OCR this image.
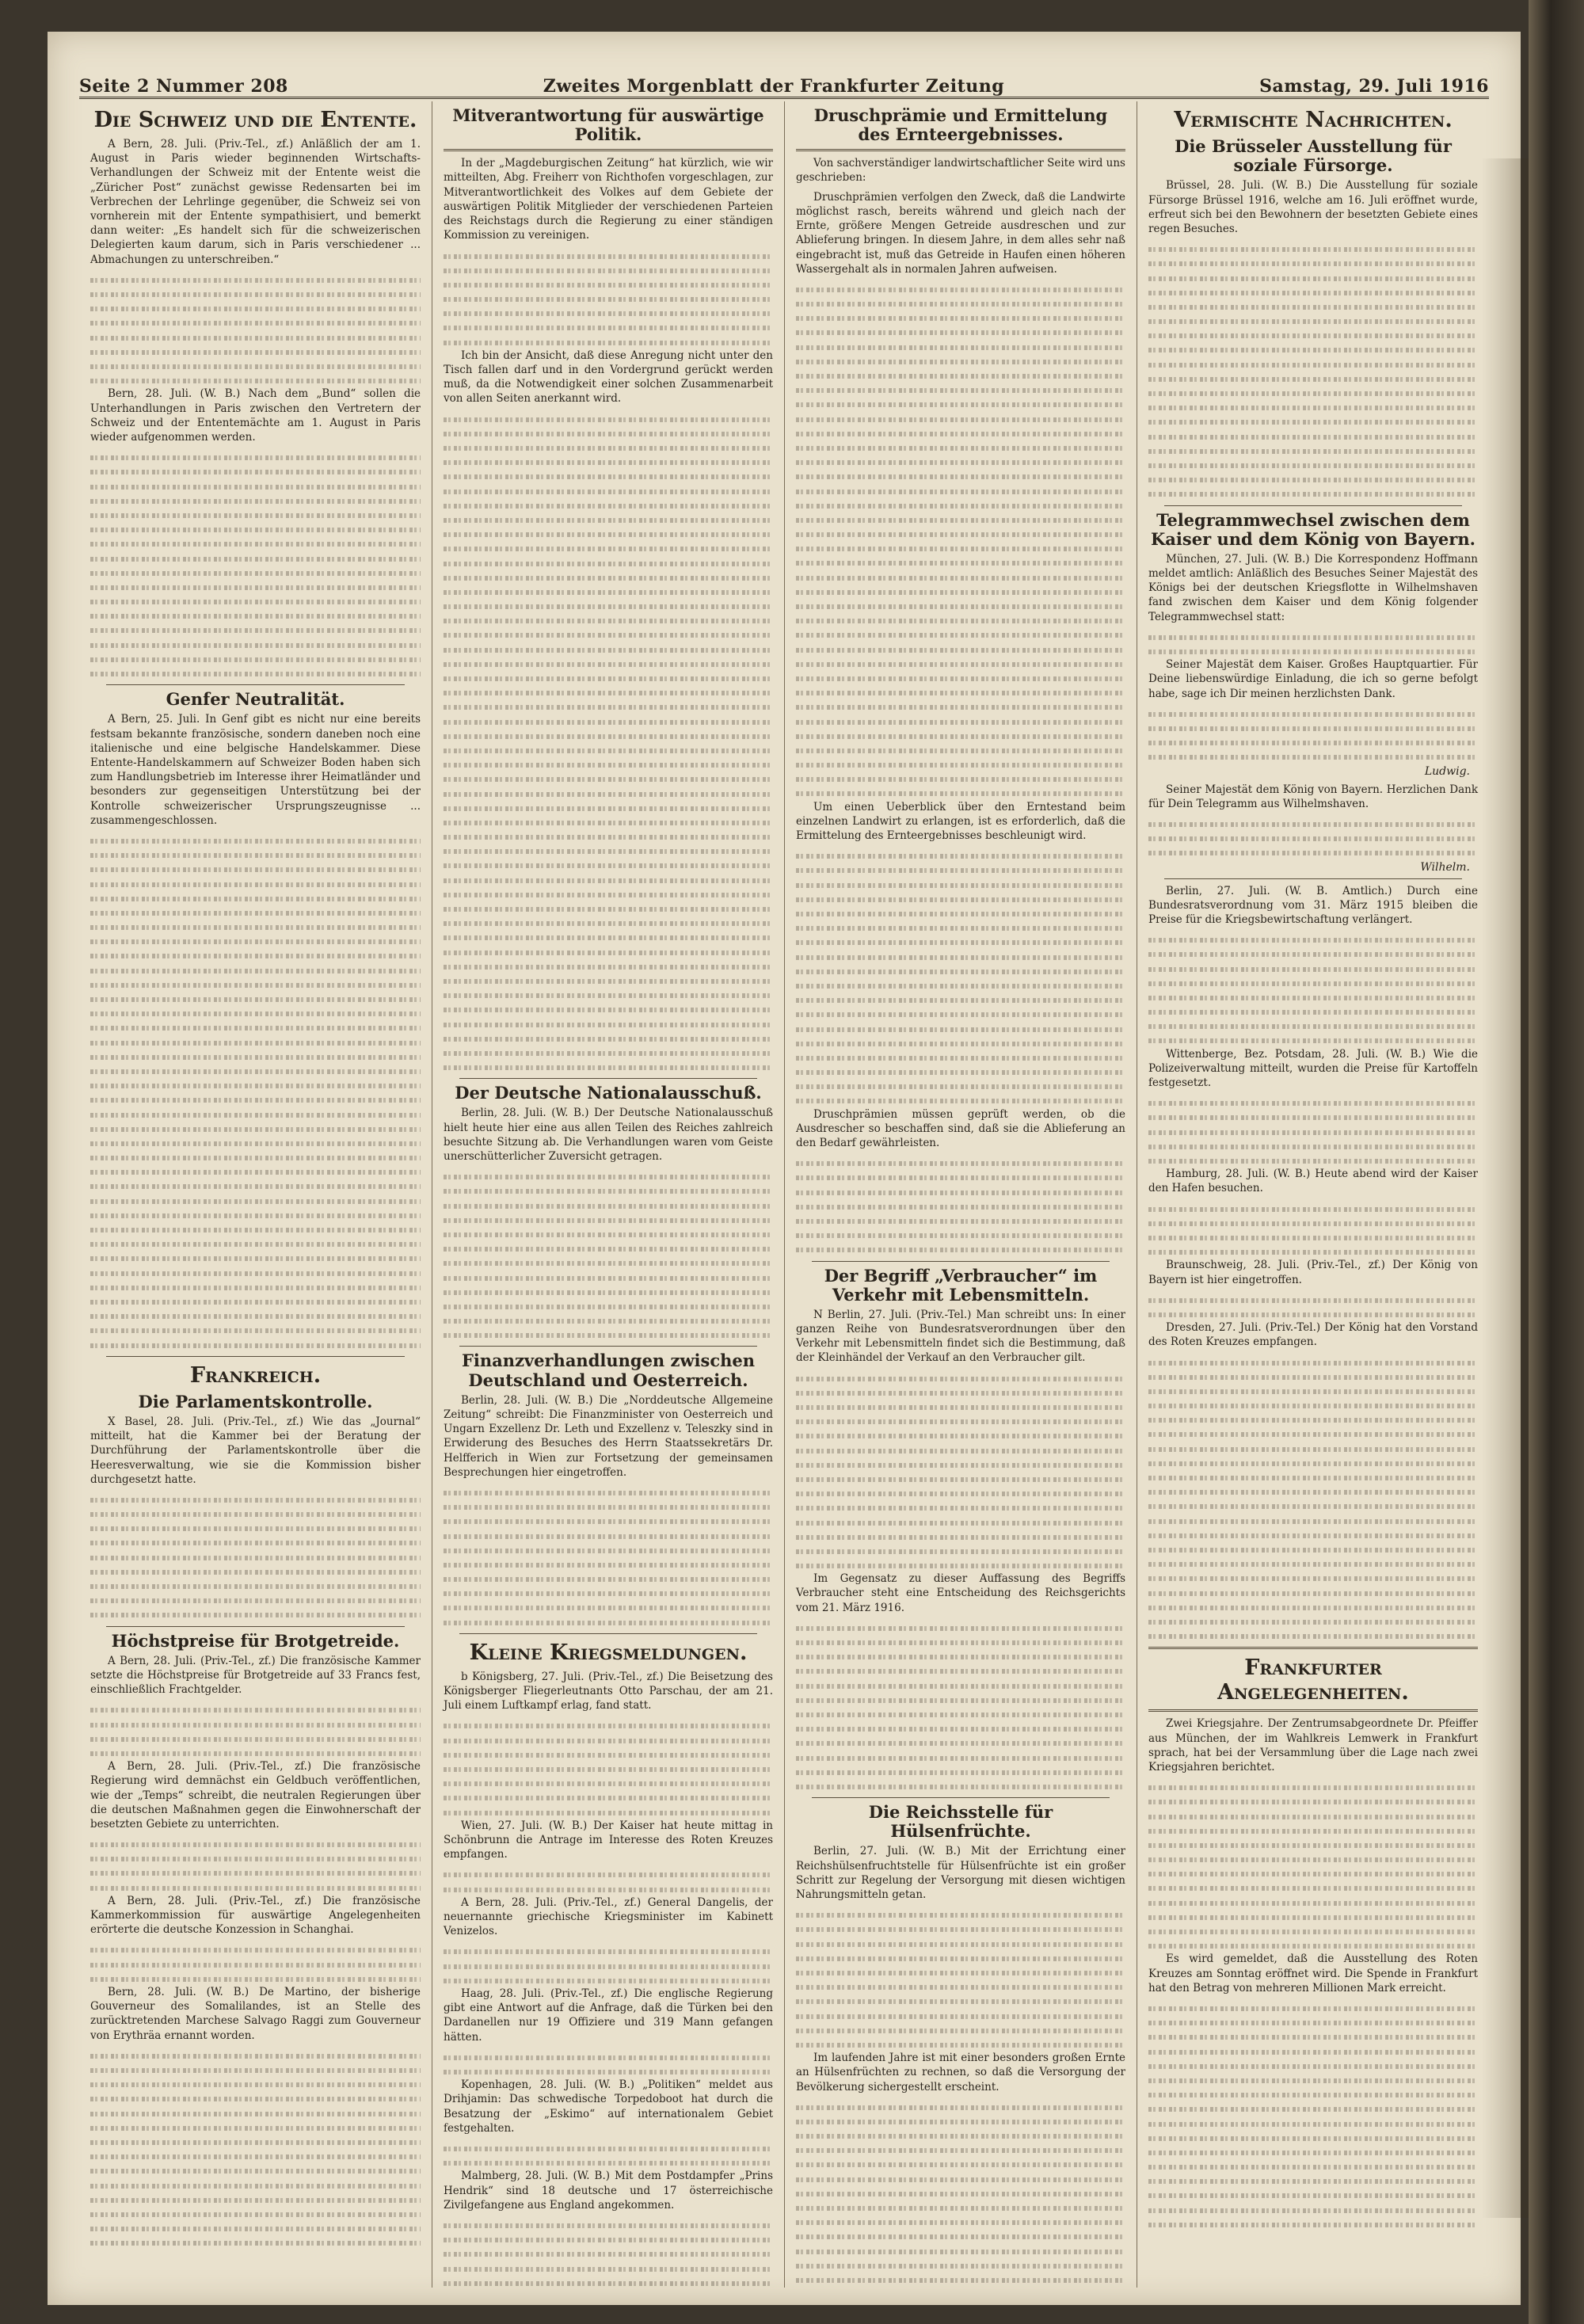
Seite 2 Nummer 208	Zweites Morgenblatt der Frankfurter Zeitung	Samstag, 29. Juli 1916
Die Schweiz und die Entente.

A Bern, 28. Juli. (Priv.-Tel., zf.) Anläßlich der am 1. August in Paris wieder beginnenden Wirtschafts-Verhandlungen der Schweiz mit der Entente weist die „Züricher Post“ zunächst gewisse Redensarten bei im Verbrechen der Lehrlinge gegenüber, die Schweiz sei von vornherein mit der Entente sympathisiert, und bemerkt dann weiter: „Es handelt sich für die schweizerischen Delegierten kaum darum, sich in Paris verschiedener ... Abmachungen zu unterschreiben.“

Bern, 28. Juli. (W. B.) Nach dem „Bund“ sollen die Unterhandlungen in Paris zwischen den Vertretern der Schweiz und der Ententemächte am 1. August in Paris wieder aufgenommen werden.

Genfer Neutralität.

A Bern, 25. Juli. In Genf gibt es nicht nur eine bereits festsam bekannte französische, sondern daneben noch eine italienische und eine belgische Handelskammer. Diese Entente-Handelskammern auf Schweizer Boden haben sich zum Handlungsbetrieb im Interesse ihrer Heimatländer und besonders zur gegenseitigen Unterstützung bei der Kontrolle schweizerischer Ursprungszeugnisse ... zusammengeschlossen.

Frankreich.
Die Parlamentskontrolle.

X Basel, 28. Juli. (Priv.-Tel., zf.) Wie das „Journal“ mitteilt, hat die Kammer bei der Beratung der Durchführung der Parlamentskontrolle über die Heeresverwaltung, wie sie die Kommission bisher durchgesetzt hatte.

Höchstpreise für Brotgetreide.

A Bern, 28. Juli. (Priv.-Tel., zf.) Die französische Kammer setzte die Höchstpreise für Brotgetreide auf 33 Francs fest, einschließlich Frachtgelder.

A Bern, 28. Juli. (Priv.-Tel., zf.) Die französische Regierung wird demnächst ein Geldbuch veröffentlichen, wie der „Temps“ schreibt, die neutralen Regierungen über die deutschen Maßnahmen gegen die Einwohnerschaft der besetzten Gebiete zu unterrichten.

A Bern, 28. Juli. (Priv.-Tel., zf.) Die französische Kammerkommission für auswärtige Angelegenheiten erörterte die deutsche Konzession in Schanghai.

Bern, 28. Juli. (W. B.) De Martino, der bisherige Gouverneur des Somalilandes, ist an Stelle des zurücktretenden Marchese Salvago Raggi zum Gouverneur von Erythräa ernannt worden.

Mitverantwortung für auswärtige Politik.

In der „Magdeburgischen Zeitung“ hat kürzlich, wie wir mitteilten, Abg. Freiherr von Richthofen vorgeschlagen, zur Mitverantwortlichkeit des Volkes auf dem Gebiete der auswärtigen Politik Mitglieder der verschiedenen Parteien des Reichstags durch die Regierung zu einer ständigen Kommission zu vereinigen.

Ich bin der Ansicht, daß diese Anregung nicht unter den Tisch fallen darf und in den Vordergrund gerückt werden muß, da die Notwendigkeit einer solchen Zusammenarbeit von allen Seiten anerkannt wird.

Der Deutsche Nationalausschuß.

Berlin, 28. Juli. (W. B.) Der Deutsche Nationalausschuß hielt heute hier eine aus allen Teilen des Reiches zahlreich besuchte Sitzung ab. Die Verhandlungen waren vom Geiste unerschütterlicher Zuversicht getragen.

Finanzverhandlungen zwischen Deutschland und Oesterreich.

Berlin, 28. Juli. (W. B.) Die „Norddeutsche Allgemeine Zeitung“ schreibt: Die Finanzminister von Oesterreich und Ungarn Exzellenz Dr. Leth und Exzellenz v. Teleszky sind in Erwiderung des Besuches des Herrn Staatssekretärs Dr. Helfferich in Wien zur Fortsetzung der gemeinsamen Besprechungen hier eingetroffen.

Kleine Kriegsmeldungen.

b Königsberg, 27. Juli. (Priv.-Tel., zf.) Die Beisetzung des Königsberger Fliegerleutnants Otto Parschau, der am 21. Juli einem Luftkampf erlag, fand statt.

Wien, 27. Juli. (W. B.) Der Kaiser hat heute mittag in Schönbrunn die Antrage im Interesse des Roten Kreuzes empfangen.

A Bern, 28. Juli. (Priv.-Tel., zf.) General Dangelis, der neuernannte griechische Kriegsminister im Kabinett Venizelos.

Haag, 28. Juli. (Priv.-Tel., zf.) Die englische Regierung gibt eine Antwort auf die Anfrage, daß die Türken bei den Dardanellen nur 19 Offiziere und 319 Mann gefangen hätten.

Kopenhagen, 28. Juli. (W. B.) „Politiken“ meldet aus Drihjamin: Das schwedische Torpedoboot hat durch die Besatzung der „Eskimo“ auf internationalem Gebiet festgehalten.

Malmberg, 28. Juli. (W. B.) Mit dem Postdampfer „Prins Hendrik“ sind 18 deutsche und 17 österreichische Zivilgefangene aus England angekommen.

Druschprämie und Ermittelung des Ernteergebnisses.

Von sachverständiger landwirtschaftlicher Seite wird uns geschrieben:

Druschprämien verfolgen den Zweck, daß die Landwirte möglichst rasch, bereits während und gleich nach der Ernte, größere Mengen Getreide ausdreschen und zur Ablieferung bringen. In diesem Jahre, in dem alles sehr naß eingebracht ist, muß das Getreide in Haufen einen höheren Wassergehalt als in normalen Jahren aufweisen.

Um einen Ueberblick über den Erntestand beim einzelnen Landwirt zu erlangen, ist es erforderlich, daß die Ermittelung des Ernteergebnisses beschleunigt wird.

Druschprämien müssen geprüft werden, ob die Ausdrescher so beschaffen sind, daß sie die Ablieferung an den Bedarf gewährleisten.

Der Begriff „Verbraucher“ im Verkehr mit Lebensmitteln.

N Berlin, 27. Juli. (Priv.-Tel.) Man schreibt uns: In einer ganzen Reihe von Bundesratsverordnungen über den Verkehr mit Lebensmitteln findet sich die Bestimmung, daß der Kleinhändel der Verkauf an den Verbraucher gilt.

Im Gegensatz zu dieser Auffassung des Begriffs Verbraucher steht eine Entscheidung des Reichsgerichts vom 21. März 1916.

Die Reichsstelle für Hülsenfrüchte.

Berlin, 27. Juli. (W. B.) Mit der Errichtung einer Reichshülsenfruchtstelle für Hülsenfrüchte ist ein großer Schritt zur Regelung der Versorgung mit diesen wichtigen Nahrungsmitteln getan.

Im laufenden Jahre ist mit einer besonders großen Ernte an Hülsenfrüchten zu rechnen, so daß die Versorgung der Bevölkerung sichergestellt erscheint.

Vermischte Nachrichten.
Die Brüsseler Ausstellung für soziale Fürsorge.

Brüssel, 28. Juli. (W. B.) Die Ausstellung für soziale Fürsorge Brüssel 1916, welche am 16. Juli eröffnet wurde, erfreut sich bei den Bewohnern der besetzten Gebiete eines regen Besuches.

Telegrammwechsel zwischen dem Kaiser und dem König von Bayern.

München, 27. Juli. (W. B.) Die Korrespondenz Hoffmann meldet amtlich: Anläßlich des Besuches Seiner Majestät des Königs bei der deutschen Kriegsflotte in Wilhelmshaven fand zwischen dem Kaiser und dem König folgender Telegrammwechsel statt:

Seiner Majestät dem Kaiser. Großes Hauptquartier. Für Deine liebenswürdige Einladung, die ich so gerne befolgt habe, sage ich Dir meinen herzlichsten Dank.

Ludwig.

Seiner Majestät dem König von Bayern. Herzlichen Dank für Dein Telegramm aus Wilhelmshaven.

Wilhelm.

Berlin, 27. Juli. (W. B. Amtlich.) Durch eine Bundesratsverordnung vom 31. März 1915 bleiben die Preise für die Kriegsbewirtschaftung verlängert.

Wittenberge, Bez. Potsdam, 28. Juli. (W. B.) Wie die Polizeiverwaltung mitteilt, wurden die Preise für Kartoffeln festgesetzt.

Hamburg, 28. Juli. (W. B.) Heute abend wird der Kaiser den Hafen besuchen.

Braunschweig, 28. Juli. (Priv.-Tel., zf.) Der König von Bayern ist hier eingetroffen.

Dresden, 27. Juli. (Priv.-Tel.) Der König hat den Vorstand des Roten Kreuzes empfangen.

Frankfurter Angelegenheiten.

Zwei Kriegsjahre. Der Zentrumsabgeordnete Dr. Pfeiffer aus München, der im Wahlkreis Lemwerk in Frankfurt sprach, hat bei der Versammlung über die Lage nach zwei Kriegsjahren berichtet.

Es wird gemeldet, daß die Ausstellung des Roten Kreuzes am Sonntag eröffnet wird. Die Spende in Frankfurt hat den Betrag von mehreren Millionen Mark erreicht.
